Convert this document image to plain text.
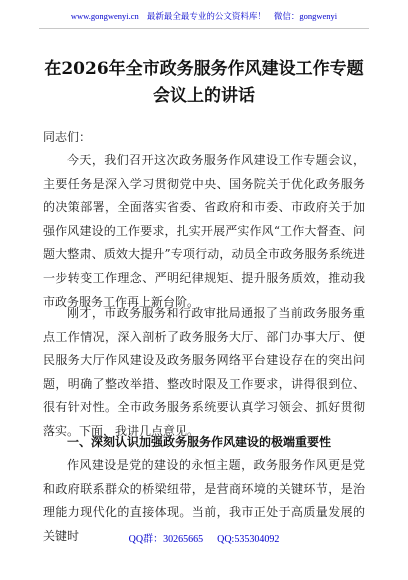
www.gongwenyi.cn 最新最全最专业的公文资料库！ 微信：gongwenyi
在2026年全市政务服务作风建设工作专题会议上的讲话

同志们：

今天，我们召开这次政务服务作风建设工作专题会议，主要任务是深入学习贯彻党中央、国务院关于优化政务服务的决策部署，全面落实省委、省政府和市委、市政府关于加强作风建设的工作要求，扎实开展严实作风“工作大督查、问题大整肃、质效大提升”专项行动，动员全市政务服务系统进一步转变工作理念、严明纪律规矩、提升服务质效，推动我市政务服务工作再上新台阶。

刚才，市政务服务和行政审批局通报了当前政务服务重点工作情况，深入剖析了政务服务大厅、部门办事大厅、便民服务大厅作风建设及政务服务网络平台建设存在的突出问题，明确了整改举措、整改时限及工作要求，讲得很到位、很有针对性。全市政务服务系统要认真学习领会、抓好贯彻落实。下面，我讲几点意见。

一、深刻认识加强政务服务作风建设的极端重要性

作风建设是党的建设的永恒主题，政务服务作风更是党和政府联系群众的桥梁纽带，是营商环境的关键环节，是治理能力现代化的直接体现。当前，我市正处于高质量发展的关键时	QQ群：30265665 QQ:535304092
